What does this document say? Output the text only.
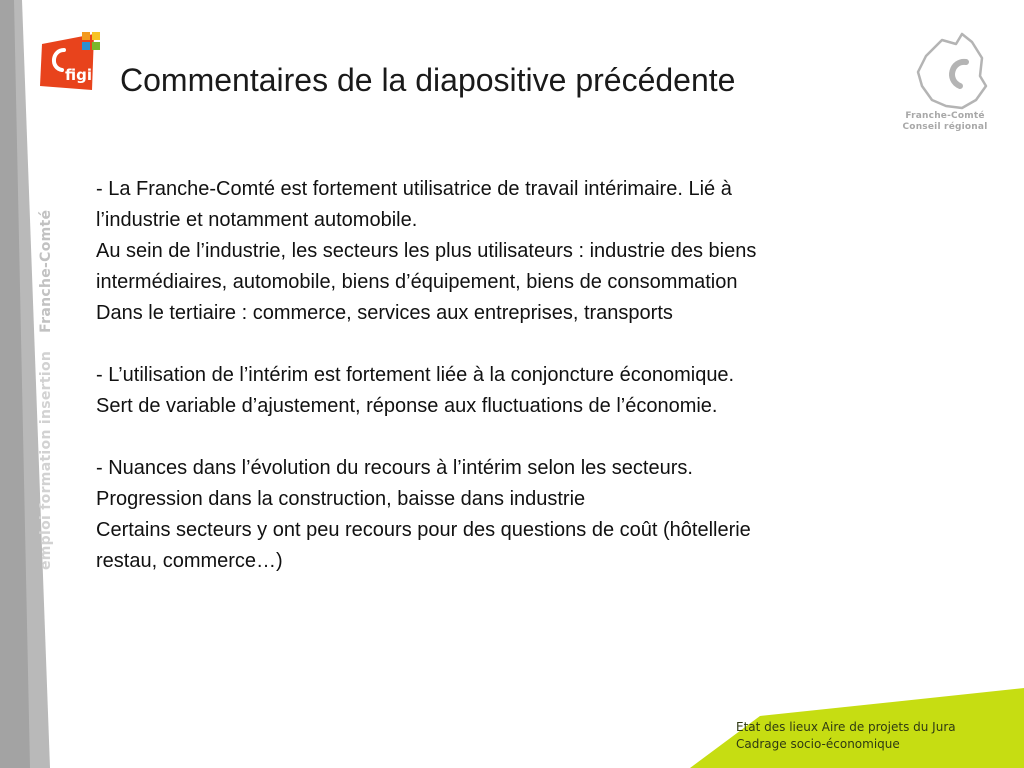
emploi formation insertionFranche-Comté
figip
Franche-Comté
Conseil régional
Commentaires de la diapositive précédente
- La Franche-Comté est fortement utilisatrice de travail intérimaire. Lié à
l’industrie et notamment automobile.
Au sein de l’industrie, les secteurs les plus utilisateurs : industrie des biens
intermédiaires, automobile, biens d’équipement, biens de consommation
Dans le tertiaire : commerce, services aux entreprises, transports
- L’utilisation de l’intérim est fortement liée à la conjoncture économique.
Sert de variable d’ajustement, réponse aux fluctuations de l’économie.
- Nuances dans l’évolution du recours à l’intérim selon les secteurs.
Progression dans la construction, baisse dans industrie
Certains secteurs y ont peu recours pour des questions de coût (hôtellerie
restau, commerce…)
Etat des lieux Aire de projets du Jura
Cadrage socio-économique
